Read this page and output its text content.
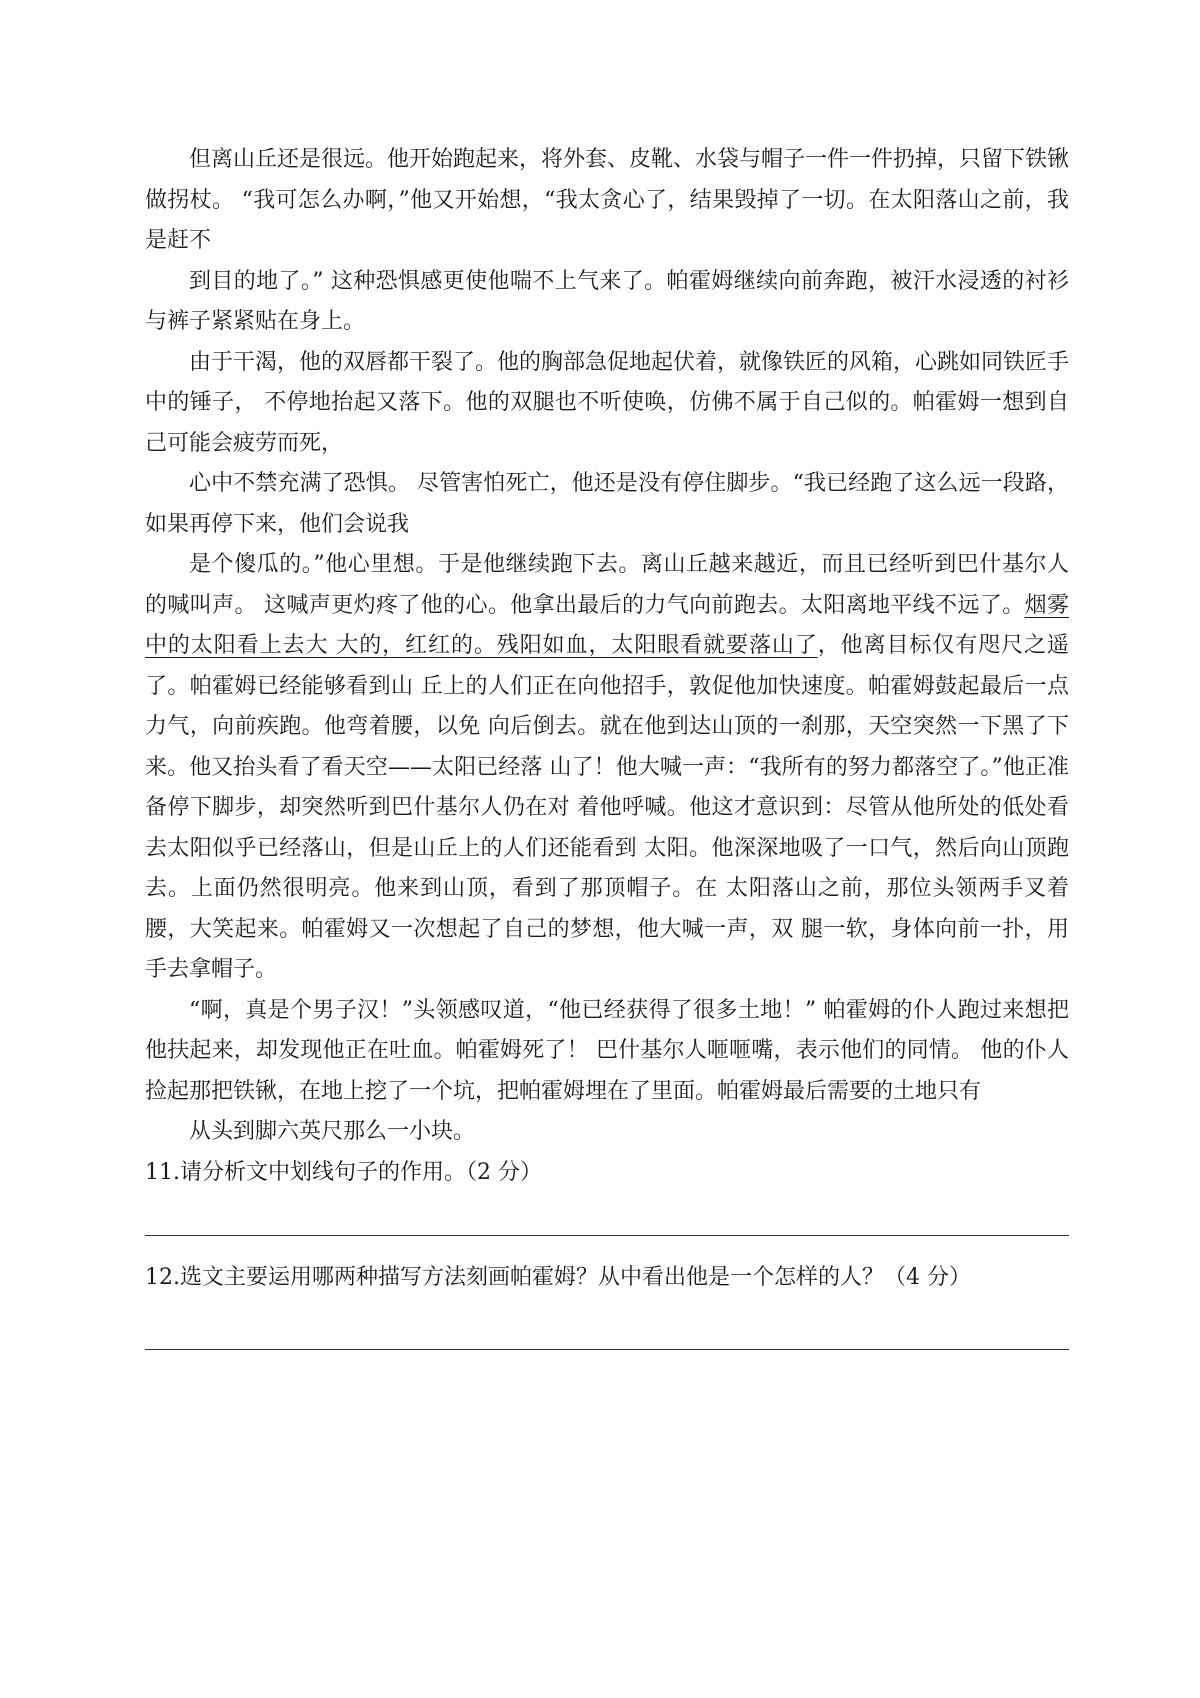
但离山丘还是很远。他开始跑起来，将外套、皮靴、水袋与帽子一件一件扔掉，只留下铁锹做拐杖。 “我可怎么办啊，”他又开始想，“我太贪心了，结果毁掉了一切。在太阳落山之前，我是赶不

到目的地了。” 这种恐惧感更使他喘不上气来了。帕霍姆继续向前奔跑，被汗水浸透的衬衫与裤子紧紧贴在身上。

由于干渴，他的双唇都干裂了。他的胸部急促地起伏着，就像铁匠的风箱，心跳如同铁匠手中的锤子， 不停地抬起又落下。他的双腿也不听使唤，仿佛不属于自己似的。帕霍姆一想到自己可能会疲劳而死，

心中不禁充满了恐惧。 尽管害怕死亡，他还是没有停住脚步。“我已经跑了这么远一段路，如果再停下来，他们会说我

是个傻瓜的。”他心里想。于是他继续跑下去。离山丘越来越近，而且已经听到巴什基尔人的喊叫声。 这喊声更灼疼了他的心。他拿出最后的力气向前跑去。太阳离地平线不远了。烟雾中的太阳看上去大 大的，红红的。残阳如血，太阳眼看就要落山了，他离目标仅有咫尺之遥了。帕霍姆已经能够看到山 丘上的人们正在向他招手，敦促他加快速度。帕霍姆鼓起最后一点力气，向前疾跑。他弯着腰，以免 向后倒去。就在他到达山顶的一刹那，天空突然一下黑了下来。他又抬头看了看天空——太阳已经落 山了！他大喊一声：“我所有的努力都落空了。”他正准备停下脚步，却突然听到巴什基尔人仍在对 着他呼喊。他这才意识到：尽管从他所处的低处看去太阳似乎已经落山，但是山丘上的人们还能看到 太阳。他深深地吸了一口气，然后向山顶跑去。上面仍然很明亮。他来到山顶，看到了那顶帽子。在 太阳落山之前，那位头领两手叉着腰，大笑起来。帕霍姆又一次想起了自己的梦想，他大喊一声，双 腿一软，身体向前一扑，用手去拿帽子。

“啊，真是个男子汉！”头领感叹道，“他已经获得了很多土地！” 帕霍姆的仆人跑过来想把他扶起来，却发现他正在吐血。帕霍姆死了！ 巴什基尔人咂咂嘴，表示他们的同情。 他的仆人捡起那把铁锹，在地上挖了一个坑，把帕霍姆埋在了里面。帕霍姆最后需要的土地只有

从头到脚六英尺那么一小块。

11.请分析文中划线句子的作用。（2 分）

12.选文主要运用哪两种描写方法刻画帕霍姆？从中看出他是一个怎样的人？（4 分）
